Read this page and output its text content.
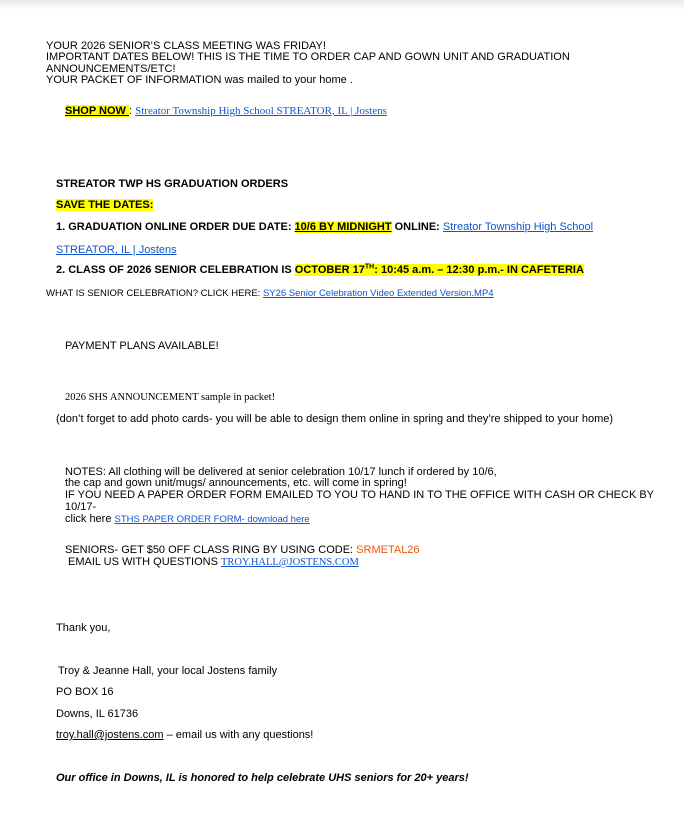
YOUR 2026 SENIOR’S CLASS MEETING WAS FRIDAY!
IMPORTANT DATES BELOW! THIS IS THE TIME TO ORDER CAP AND GOWN UNIT AND GRADUATION
ANNOUNCEMENTS/ETC!
YOUR PACKET OF INFORMATION was mailed to your home .
SHOP NOW : Streator Township High School STREATOR, IL | Jostens
STREATOR TWP HS GRADUATION ORDERS
SAVE THE DATES:
1. GRADUATION ONLINE ORDER DUE DATE: 10/6 BY MIDNIGHT ONLINE: Streator Township High School
STREATOR, IL | Jostens
2. CLASS OF 2026 SENIOR CELEBRATION IS OCTOBER 17TH: 10:45 a.m. – 12:30 p.m.- IN CAFETERIA
WHAT IS SENIOR CELEBRATION? CLICK HERE: SY26 Senior Celebration Video Extended Version.MP4
PAYMENT PLANS AVAILABLE!
2026 SHS ANNOUNCEMENT sample in packet!
(don’t forget to add photo cards- you will be able to design them online in spring and they’re shipped to your home)
NOTES: All clothing will be delivered at senior celebration 10/17 lunch if ordered by 10/6,
the cap and gown unit/mugs/ announcements, etc. will come in spring!
IF YOU NEED A PAPER ORDER FORM EMAILED TO YOU TO HAND IN TO THE OFFICE WITH CASH OR CHECK BY
10/17-
click here STHS PAPER ORDER FORM- download here
SENIORS- GET $50 OFF CLASS RING BY USING CODE: SRMETAL26
EMAIL US WITH QUESTIONS TROY.HALL@JOSTENS.COM
Thank you,
Troy & Jeanne Hall, your local Jostens family
PO BOX 16
Downs, IL 61736
troy.hall@jostens.com – email us with any questions!
Our office in Downs, IL is honored to help celebrate UHS seniors for 20+ years!
